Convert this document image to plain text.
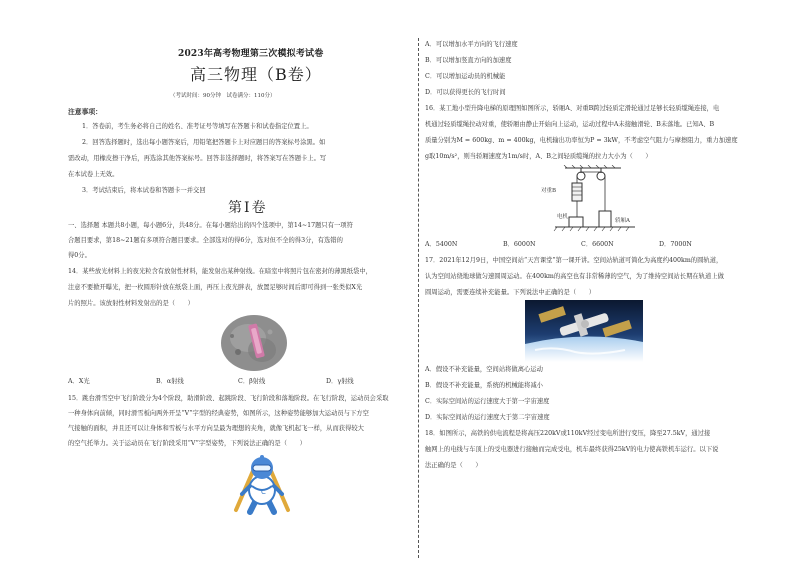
2023年高考物理第三次模拟考试卷
高三物理（B卷）
（考试时间：90分钟　试卷满分：110分）
注意事项：
1．答卷前，考生务必将自己的姓名、准考证号等填写在答题卡和试卷指定位置上。
2．回答选择题时，选出每小题答案后，用铅笔把答题卡上对应题目的答案标号涂黑。如
需改动，用橡皮擦干净后，再选涂其他答案标号。回答非选择题时，将答案写在答题卡上。写
在本试卷上无效。
3．考试结束后，将本试卷和答题卡一并交回
第Ⅰ卷
一、选择题 本题共8小题，每小题6分，共48分。在每小题给出的四个选项中，第14~17题只有一项符
合题目要求，第18~21题有多项符合题目要求。全部选对的得6分，选对但不全的得3分，有选错的
得0分。
14．某些放光材料上的夜光粒含有放射性材料，能发射出某种射线。在暗室中将照片包在密封的薄黑纸袋中，
注意不要掀开曝光，把一枚圆形针放在纸袋上面，再压上夜光胖表，放置足够时间后即可得到一张类似X光
片的照片。该放射性材料发射出的是（　　）
A．X光	B．α射线	C．β射线	D．γ射线
15．跳台滑雪空中飞行阶段分为4个阶段，助滑阶段、起跳阶段、飞行阶段和落地阶段。在飞行阶段，运动员会采取
一种身体向前倾，同时滑雪板向两外开呈“V”字型的经典姿势，如图所示，这种姿势能够加大运动员与下方空
气接触的面积，并且还可以让身体和雪板与水平方向呈最为理想的夹角，就像飞机起飞一样，从而获得较大
的空气托举力。关于运动员在飞行阶段采用“V”字型姿势，下列说法正确的是（　　）
C
A．可以增加水平方向的飞行速度
B．可以增加竖直方向的加速度
C．可以增加运动员的机械能
D．可以获得更长的飞行时间
16．某工地小型升降电梯的原理图如图所示，轿厢A、对重B跨过轻质定滑轮通过足够长轻质缆绳连接，电
机通过轻质缆绳拉动对重，使轿厢由静止开始向上运动，运动过程中A未接触滑轮、B未落地。已知A、B
质量分别为M = 600kg、m = 400kg，电机输出功率恒为P = 3kW，不考虑空气阻力与摩擦阻力，重力加速度
g取10m/s²，则当轿厢速度为1m/s时，A、B之间轻质缆绳的拉力大小为（　　）
对重B
电机
轿厢A
A．5400N	B．6000N	C．6600N	D．7000N
17．2021年12月9日，中国空间站“天宫课堂”第一课开讲。空间站轨道可简化为高度约400km的圆轨道，
认为空间站绕地球做匀速圆周运动。在400km的高空也有非常稀薄的空气，为了维持空间站长期在轨道上做
圆周运动，需要连续补充能量。下列说法中正确的是（　　）
A．假设不补充能量，空间站将做离心运动
B．假设不补充能量，系统的机械能将减小
C．实际空间站的运行速度大于第一宇宙速度
D．实际空间站的运行速度大于第二宇宙速度
18．如图所示，高铁的供电流程是将高压220kV或110kV经过变电所进行变压，降至27.5kV，通过接
触网上的电线与车顶上的受电器进行接触而完成受电，机车最终获得25kV的电力使高铁机车运行。以下说
法正确的是（　　）
